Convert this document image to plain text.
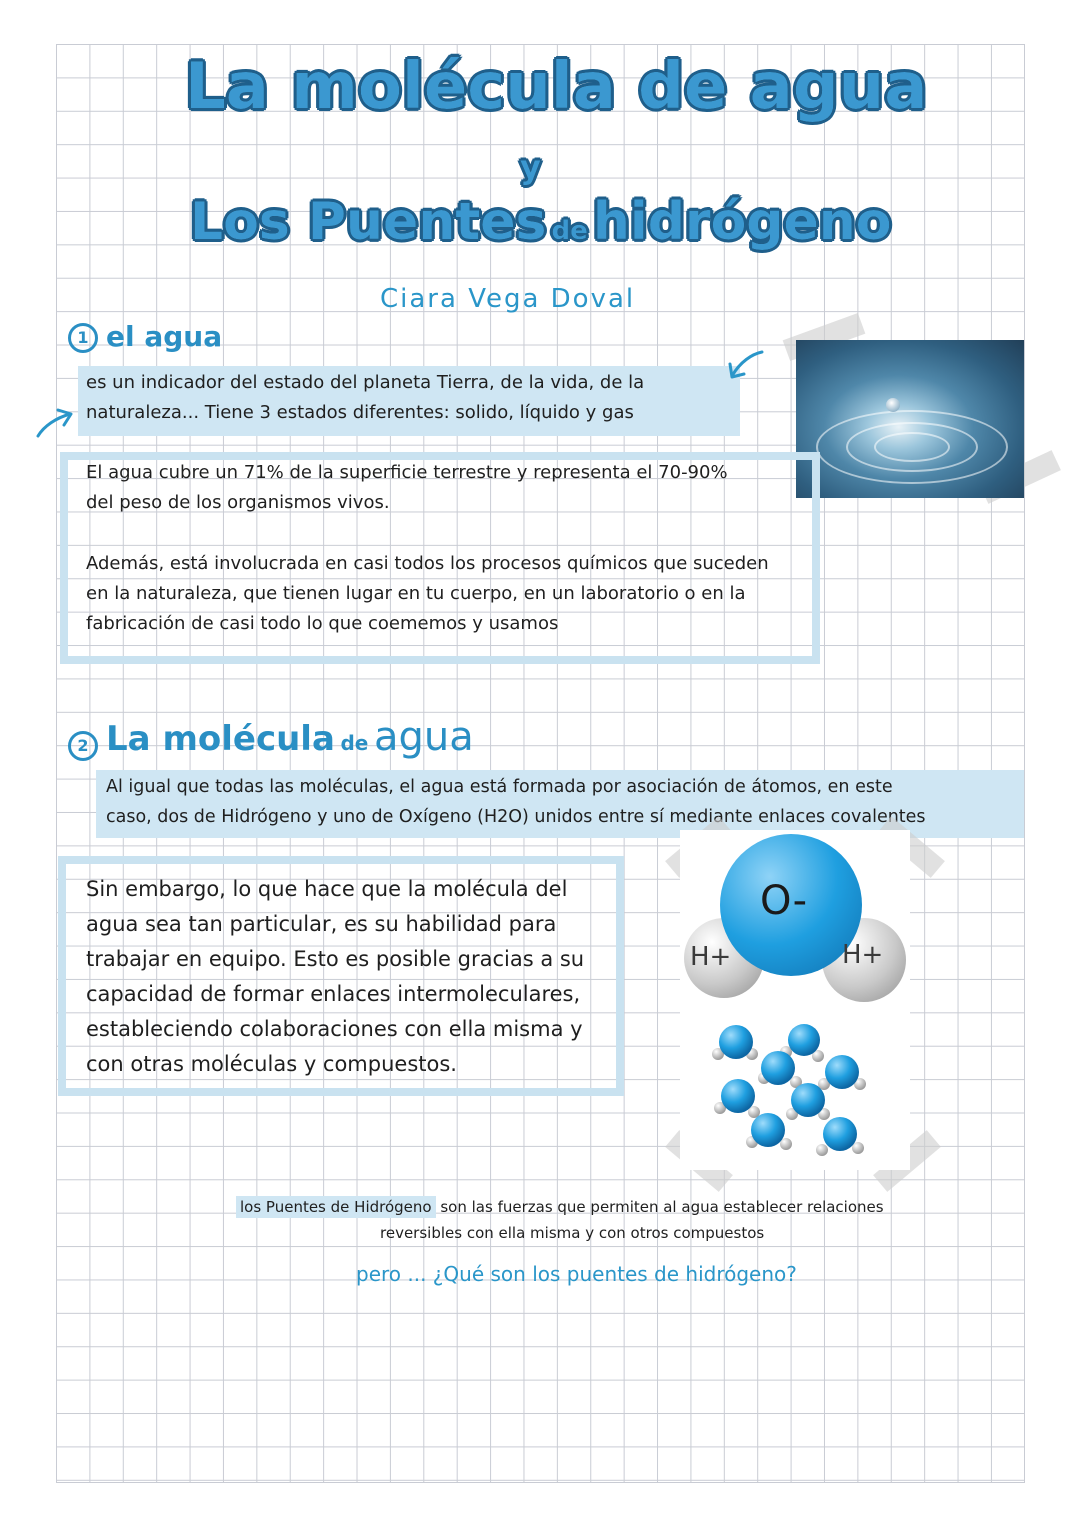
La molécula de agua
y
Los Puentes de hidrógeno
Ciara Vega Doval
1 el agua
es un indicador del estado del planeta Tierra, de la vida, de la
naturaleza... Tiene 3 estados diferentes: solido, líquido y gas
El agua cubre un 71% de la superficie terrestre y representa el 70-90%
del peso de los organismos vivos.
Además, está involucrada en casi todos los procesos químicos que suceden
en la naturaleza, que tienen lugar en tu cuerpo, en un laboratorio o en la
fabricación de casi todo lo que coememos y usamos
2 La molécula de agua
Al igual que todas las moléculas, el agua está formada por asociación de átomos, en este
caso, dos de Hidrógeno y uno de Oxígeno (H2O) unidos entre sí mediante enlaces covalentes
Sin embargo, lo que hace que la molécula del
agua sea tan particular, es su habilidad para
trabajar en equipo. Esto es posible gracias a su
capacidad de formar enlaces intermoleculares,
estableciendo colaboraciones con ella misma y
con otras moléculas y compuestos.
O-
H+	H+
los Puentes de Hidrógeno son las fuerzas que permiten al agua establecer relaciones
reversibles con ella misma y con otros compuestos
pero ... ¿Qué son los puentes de hidrógeno?
